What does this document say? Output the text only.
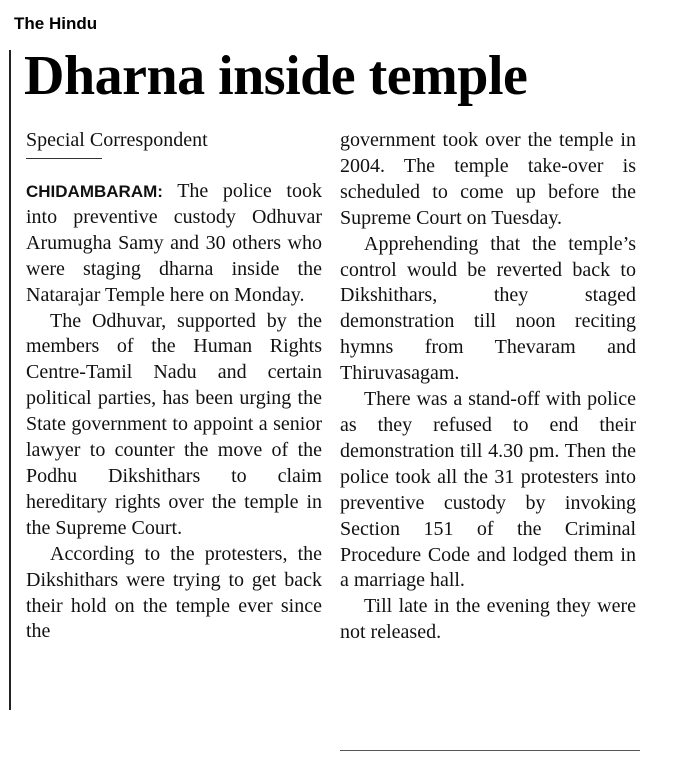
The Hindu
Dharna inside temple

Special Correspondent

CHIDAMBARAM: The police took into preventive custody Odhuvar Arumugha Samy and 30 others who were staging dharna inside the Natarajar Temple here on Monday.

The Odhuvar, supported by the members of the Human Rights Centre-Tamil Nadu and certain political parties, has been urging the State government to appoint a senior lawyer to counter the move of the Podhu Dikshithars to claim hereditary rights over the temple in the Supreme Court.

According to the protesters, the Dikshithars were trying to get back their hold on the temple ever since the

government took over the temple in 2004. The temple take-over is scheduled to come up before the Supreme Court on Tuesday.

Apprehending that the temple’s control would be reverted back to Dikshithars, they staged demonstration till noon reciting hymns from Thevaram and Thiruvasagam.

There was a stand-off with police as they refused to end their demonstration till 4.30 pm. Then the police took all the 31 protesters into preventive custody by invoking Section 151 of the Criminal Procedure Code and lodged them in a marriage hall.

Till late in the evening they were not released.
